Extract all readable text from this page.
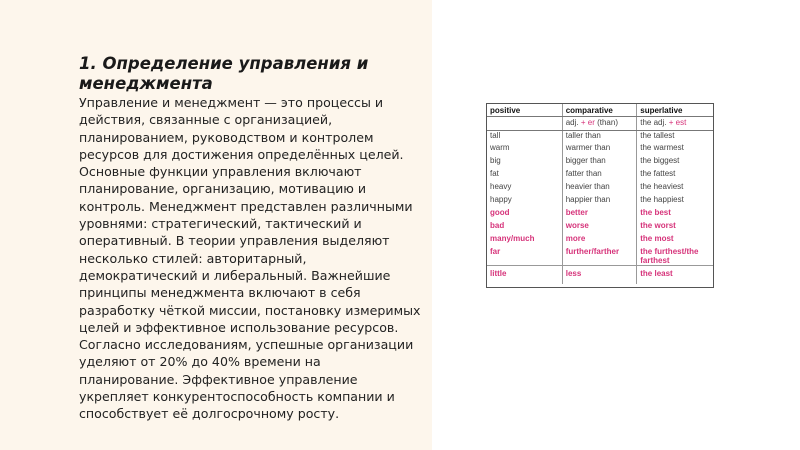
1. Определение управления и менеджмента

Управление и менеджмент — это процессы и действия, связанные с организацией, планированием, руководством и контролем ресурсов для достижения определённых целей. Основные функции управления включают планирование, организацию, мотивацию и контроль. Менеджмент представлен различными уровнями: стратегический, тактический и оперативный. В теории управления выделяют несколько стилей: авторитарный, демократический и либеральный. Важнейшие принципы менеджмента включают в себя разработку чёткой миссии, постановку измеримых целей и эффективное использование ресурсов. Согласно исследованиям, успешные организации уделяют от 20% до 40% времени на планирование. Эффективное управление укрепляет конкурентоспособность компании и способствует её долгосрочному росту.

positive	comparative	superlative
	adj. + er (than)	the adj. + est
tall	taller than	the tallest
warm	warmer than	the warmest
big	bigger than	the biggest
fat	fatter than	the fattest
heavy	heavier than	the heaviest
happy	happier than	the happiest
good	better	the best
bad	worse	the worst
many/much	more	the most
far	further/farther	the furthest/the farthest
little	less	the least
